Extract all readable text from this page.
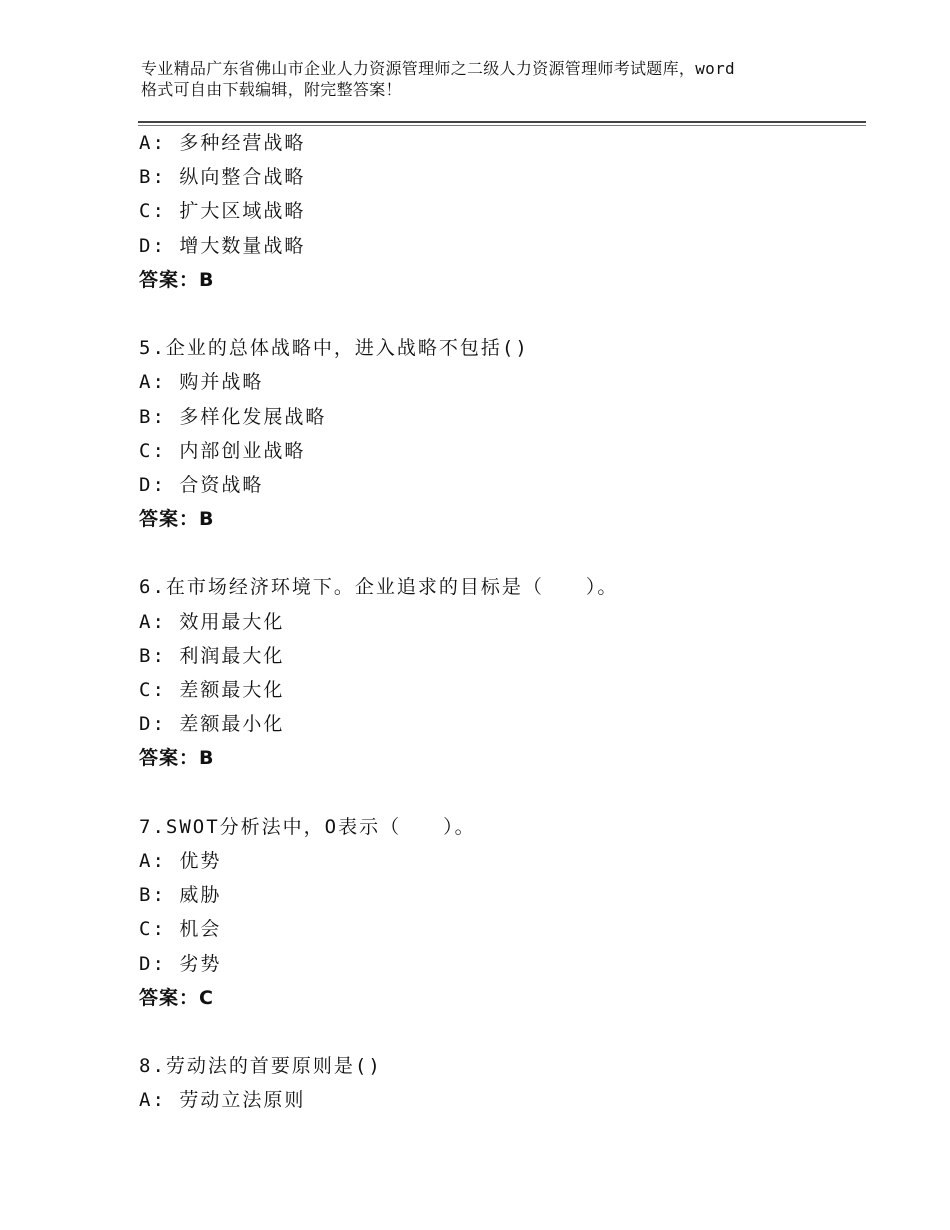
专业精品广东省佛山市企业人力资源管理师之二级人力资源管理师考试题库，word
格式可自由下载编辑，附完整答案！
A: 多种经营战略
B: 纵向整合战略
C: 扩大区域战略
D: 增大数量战略
答案：B
5.企业的总体战略中，进入战略不包括()
A: 购并战略
B: 多样化发展战略
C: 内部创业战略
D: 合资战略
答案：B
6.在市场经济环境下。企业追求的目标是（　　）。
A: 效用最大化
B: 利润最大化
C: 差额最大化
D: 差额最小化
答案：B
7.SWOT分析法中，O表示（　　）。
A: 优势
B: 威胁
C: 机会
D: 劣势
答案：C
8.劳动法的首要原则是()
A: 劳动立法原则
